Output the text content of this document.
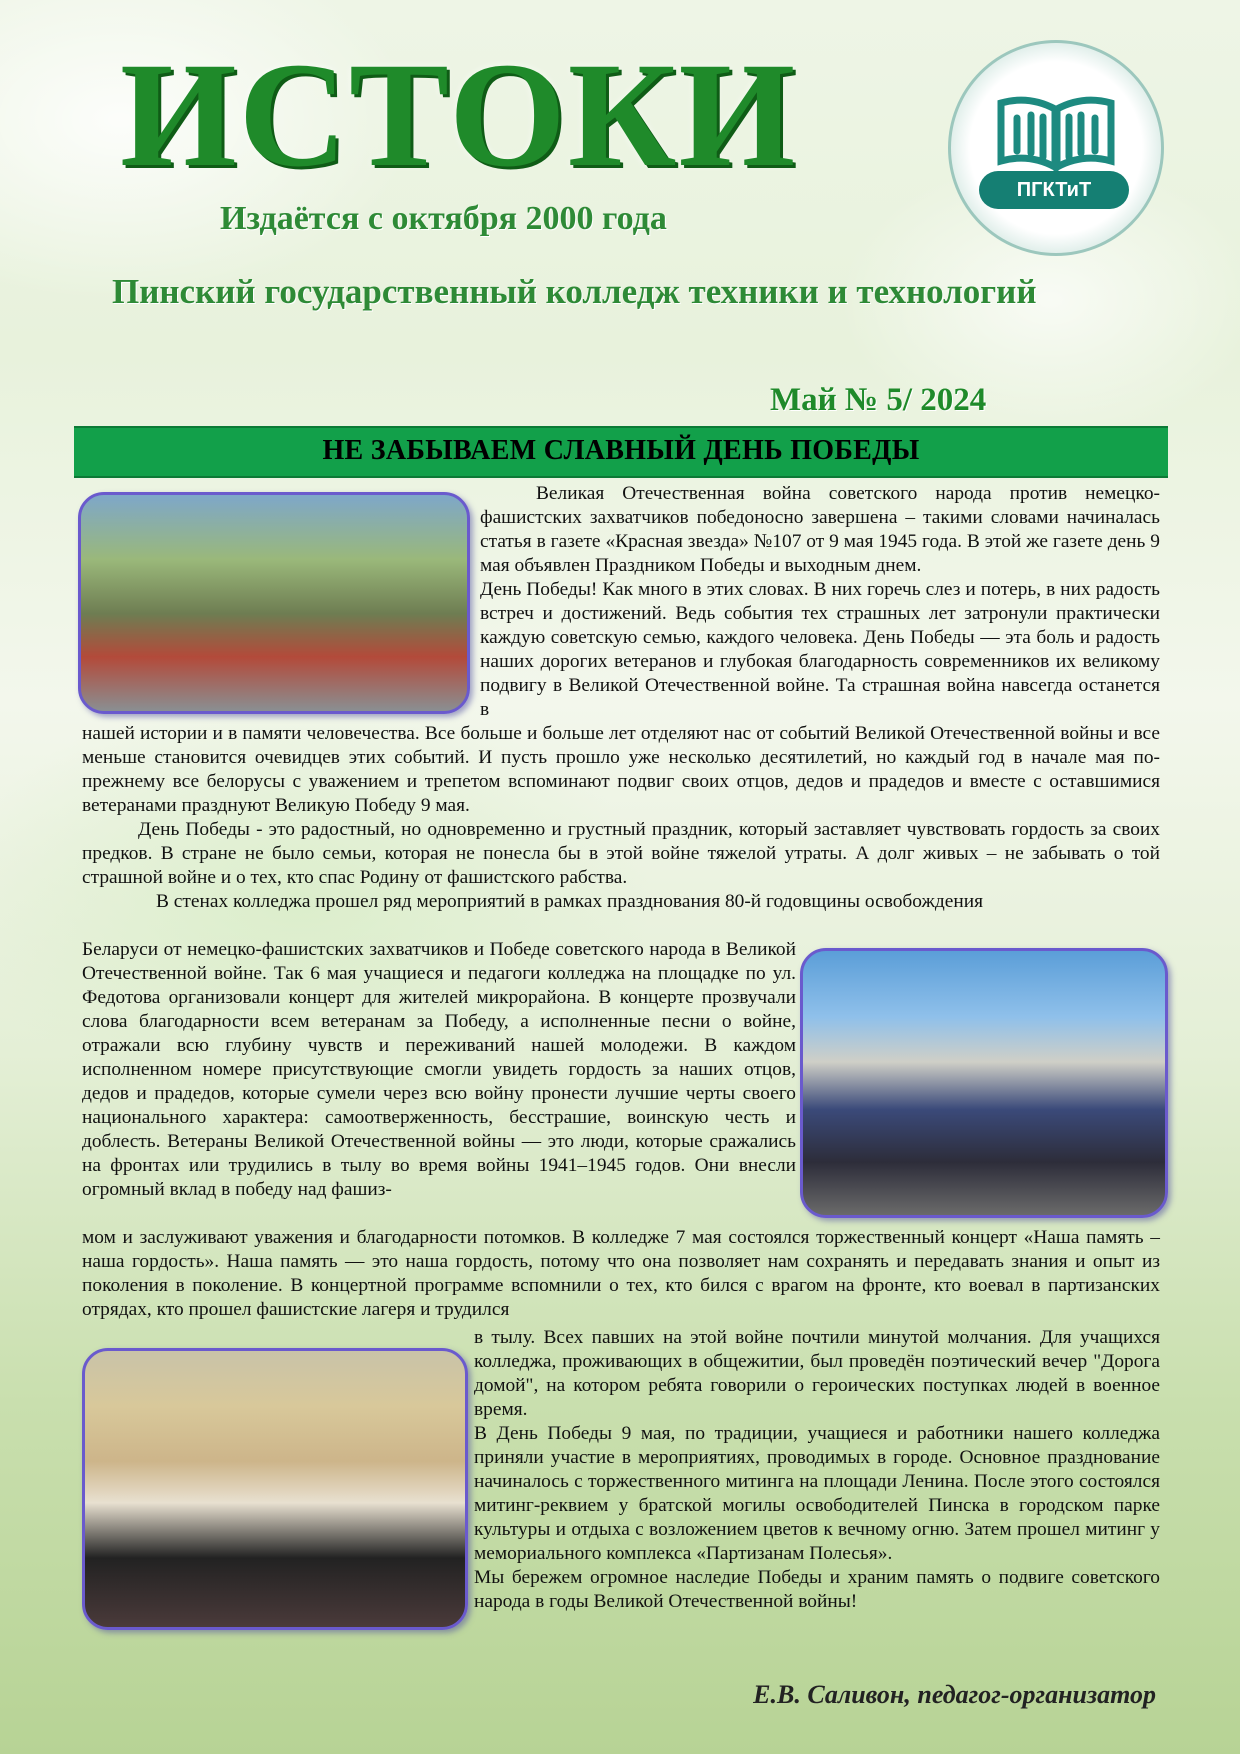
ИСТОКИ
Издаётся с октября 2000 года
Пинский государственный колледж техники и технологий
ПГКТиТ
Май № 5/ 2024
НЕ ЗАБЫВАЕМ СЛАВНЫЙ ДЕНЬ ПОБЕДЫ

Великая Отечественная война советского народа против немецко-фашистских захватчиков победоносно завершена – такими словами начиналась статья в газете «Красная звезда» №107 от 9 мая 1945 года. В этой же газете день 9 мая объявлен Праздником Победы и выходным днем.

День Победы! Как много в этих словах. В них горечь слез и потерь, в них радость встреч и достижений. Ведь события тех страшных лет затронули практически каждую советскую семью, каждого человека. День Победы — эта боль и радость наших дорогих ветеранов и глубокая благодарность современников их великому подвигу в Великой Отечественной войне. Та страшная война навсегда останется в

нашей истории и в памяти человечества. Все больше и больше лет отделяют нас от событий Великой Отечественной войны и все меньше становится очевидцев этих событий. И пусть прошло уже несколько десятилетий, но каждый год в начале мая по-прежнему все белорусы с уважением и трепетом вспоминают подвиг своих отцов, дедов и прадедов и вместе с оставшимися ветеранами празднуют Великую Победу 9 мая.

День Победы - это радостный, но одновременно и грустный праздник, который заставляет чувствовать гордость за своих предков. В стране не было семьи, которая не понесла бы в этой войне тяжелой утраты. А долг живых – не забывать о той страшной войне и о тех, кто спас Родину от фашистского рабства.

В стенах колледжа прошел ряд мероприятий в рамках празднования 80-й годовщины освобождения

Беларуси от немецко-фашистских захватчиков и Победе советского народа в Великой Отечественной войне. Так 6 мая учащиеся и педагоги колледжа на площадке по ул. Федотова организовали концерт для жителей микрорайона. В концерте прозвучали слова благодарности всем ветеранам за Победу, а исполненные песни о войне, отражали всю глубину чувств и переживаний нашей молодежи. В каждом исполненном номере присутствующие смогли увидеть гордость за наших отцов, дедов и прадедов, которые сумели через всю войну пронести лучшие черты своего национального характера: самоотверженность, бесстрашие, воинскую честь и доблесть. Ветераны Великой Отечественной войны — это люди, которые сражались на фронтах или трудились в тылу во время войны 1941–1945 годов. Они внесли огромный вклад в победу над фашиз-

мом и заслуживают уважения и благодарности потомков. В колледже 7 мая состоялся торжественный концерт «Наша память – наша гордость». Наша память — это наша гордость, потому что она позволяет нам сохранять и передавать знания и опыт из поколения в поколение. В концертной программе вспомнили о тех, кто бился с врагом на фронте, кто воевал в партизанских отрядах, кто прошел фашистские лагеря и трудился

в тылу. Всех павших на этой войне почтили минутой молчания. Для учащихся колледжа, проживающих в общежитии, был проведён поэтический вечер "Дорога домой", на котором ребята говорили о героических поступках людей в военное время.

В День Победы 9 мая, по традиции, учащиеся и работники нашего колледжа приняли участие в мероприятиях, проводимых в городе. Основное празднование начиналось с торжественного митинга на площади Ленина. После этого состоялся митинг-реквием у братской могилы освободителей Пинска в городском парке культуры и отдыха с возложением цветов к вечному огню. Затем прошел митинг у мемориального комплекса «Партизанам Полесья».

Мы бережем огромное наследие Победы и храним память о подвиге советского народа в годы Великой Отечественной войны!

Е.В. Саливон, педагог-организатор
